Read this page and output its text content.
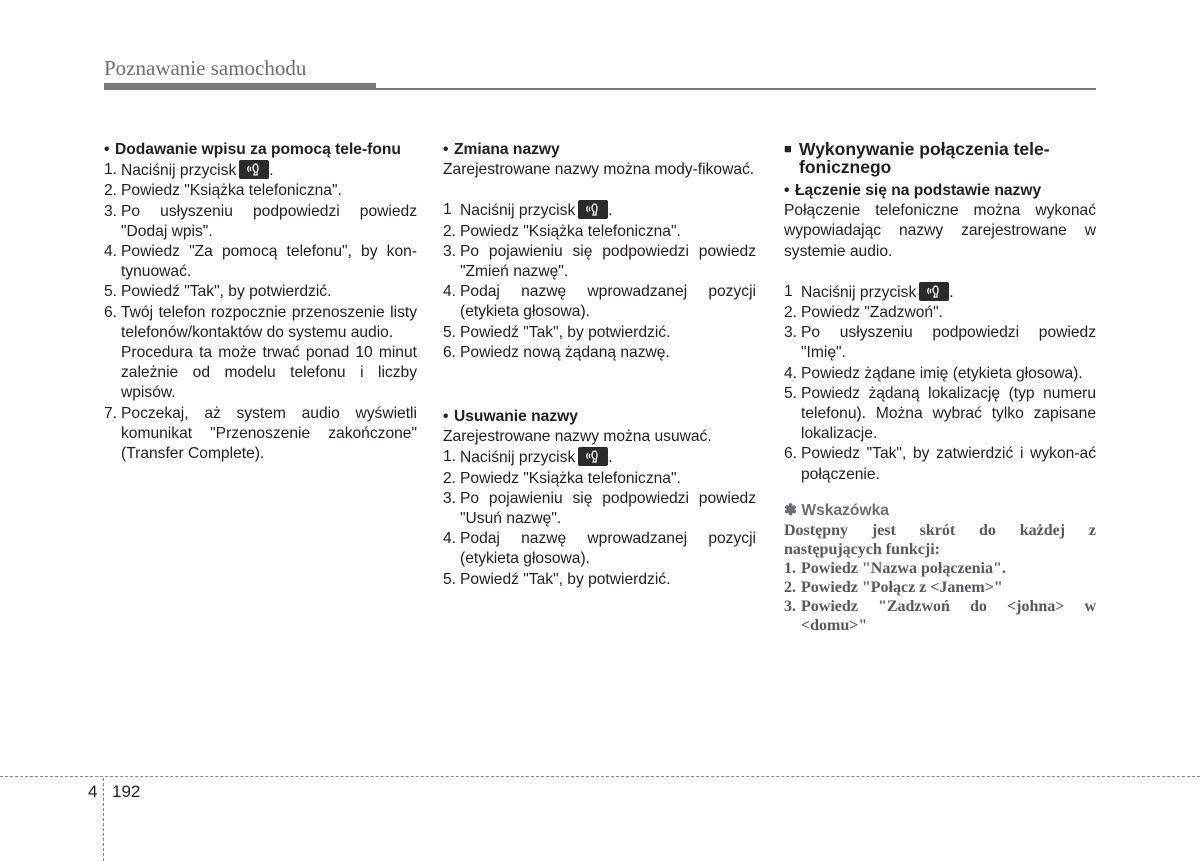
Poznawanie samochodu
• Dodawanie wpisu za pomocą tele-fonu
1. Naciśnij przycisk .
2. Powiedz "Książka telefoniczna".
3. Po usłyszeniu podpowiedzi powiedz "Dodaj wpis".
4. Powiedz "Za pomocą telefonu", by kon-tynuować.
5. Powiedź "Tak", by potwierdzić.
6. Twój telefon rozpocznie przenoszenie listy telefonów/kontaktów do systemu audio.
Procedura ta może trwać ponad 10 minut zależnie od modelu telefonu i liczby wpisów.
7. Poczekaj, aż system audio wyświetli komunikat "Przenoszenie zakończone" (Transfer Complete).
• Zmiana nazwy
Zarejestrowane nazwy można mody-fikować.
1 Naciśnij przycisk .
2. Powiedz "Książka telefoniczna".
3. Po pojawieniu się podpowiedzi powiedz "Zmień nazwę".
4. Podaj nazwę wprowadzanej pozycji (etykieta głosowa).
5. Powiedź "Tak", by potwierdzić.
6. Powiedz nową żądaną nazwę.
• Usuwanie nazwy
Zarejestrowane nazwy można usuwać.
1. Naciśnij przycisk .
2. Powiedz "Książka telefoniczna".
3. Po pojawieniu się podpowiedzi powiedz "Usuń nazwę".
4. Podaj nazwę wprowadzanej pozycji (etykieta głosowa).
5. Powiedź "Tak", by potwierdzić.
■ Wykonywanie połączenia tele-fonicznego
• Łączenie się na podstawie nazwy
Połączenie telefoniczne można wykonać wypowiadając nazwy zarejestrowane w systemie audio.
1 Naciśnij przycisk .
2. Powiedz "Zadzwoń".
3. Po usłyszeniu podpowiedzi powiedz "Imię".
4. Powiedz żądane imię (etykieta głosowa).
5. Powiedz żądaną lokalizację (typ numeru telefonu). Można wybrać tylko zapisane lokalizacje.
6. Powiedz "Tak", by zatwierdzić i wykon-ać połączenie.
✽ Wskazówka
Dostępny jest skrót do każdej z następujących funkcji:
1. Powiedz "Nazwa połączenia".
2. Powiedz "Połącz z <Janem>"
3. Powiedz "Zadzwoń do <johna> w <domu>"
4 192
